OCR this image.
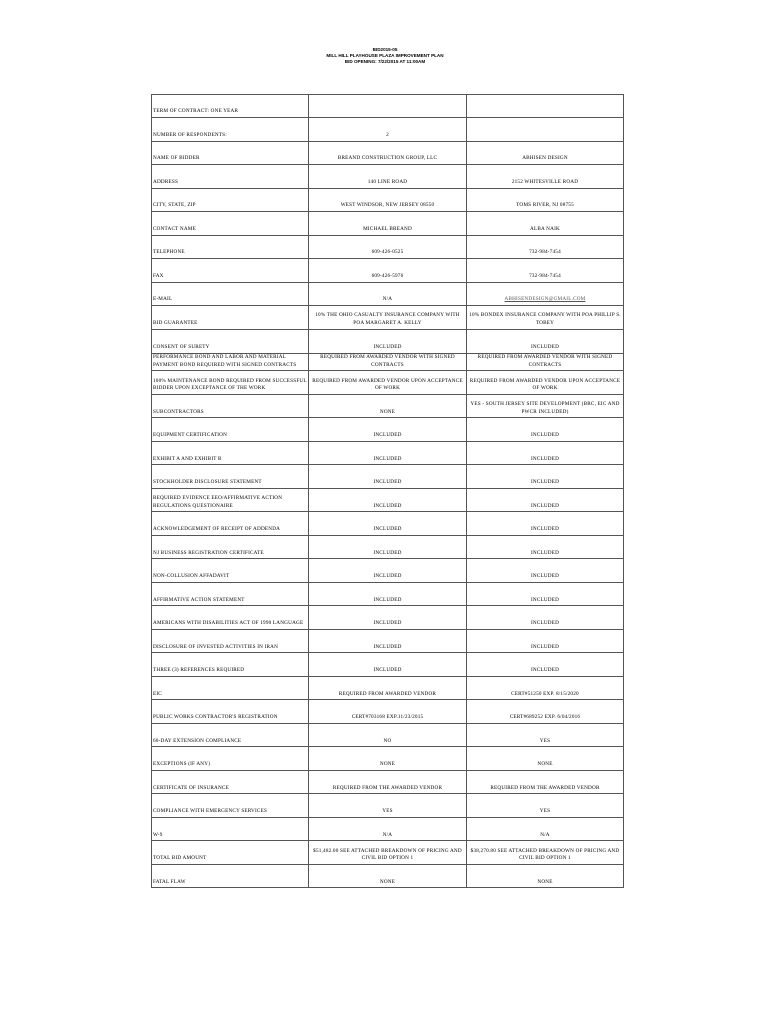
BID2015-05
MILL HILL PLAYHOUSE PLAZA IMPROVEMENT PLAN
BID OPENING: 7/22/2015 AT 11:00AM
TERM OF CONTRACT: ONE YEAR		
NUMBER OF RESPONDENTS:	2	
NAME OF BIDDER	BREAND CONSTRUCTION GROUP, LLC	ABHISEN DESIGN
ADDRESS	140 LINE ROAD	2152 WHITESVILLE ROAD
CITY, STATE, ZIP	WEST WINDSOR, NEW JERSEY 08550	TOMS RIVER, NJ 08755
CONTACT NAME	MICHAEL BREAND	ALBA NAIK
TELEPHONE	609-426-0525	732-984-7454
FAX	609-426-5976	732-984-7454
E-MAIL	N/A	ABHISENDESIGN@GMAIL.COM
BID GUARANTEE	10% THE OHIO CASUALTY INSURANCE COMPANY WITH POA MARGARET A. KELLY	10% BONDEX INSURANCE COMPANY WITH POA PHILLIP S. TOBEY
CONSENT OF SURETY	INCLUDED	INCLUDED
PERFORMANCE BOND AND LABOR AND MATERIAL PAYMENT BOND REQUIRED WITH SIGNED CONTRACTS	REQUIRED FROM AWARDED VENDOR WITH SIGNED CONTRACTS	REQUIRED FROM AWARDED VENDOR WITH SIGNED CONTRACTS
100% MAINTENANCE BOND REQUIRED FROM SUCCESSFUL BIDDER UPON EXCEPTANCE OF THE WORK	REQUIRED FROM AWARDED VENDOR UPON ACCEPTANCE OF WORK	REQUIRED FROM AWARDED VENDOR UPON ACCEPTANCE OF WORK
SUBCONTRACTORS	NONE	YES - SOUTH JERSEY SITE DEVELOPMENT (BRC, EIC AND PWCR INCLUDED)
EQUIPMENT CERTIFICATION	INCLUDED	INCLUDED
EXHIBIT A AND EXHIBIT B	INCLUDED	INCLUDED
STOCKHOLDER DISCLOSURE STATEMENT	INCLUDED	INCLUDED
REQUIRED EVIDENCE EEO/AFFIRMATIVE ACTION REGULATIONS QUESTIONAIRE	INCLUDED	INCLUDED
ACKNOWLEDGEMENT OF RECEIPT OF ADDENDA	INCLUDED	INCLUDED
NJ BUSINESS REGISTRATION CERTIFICATE	INCLUDED	INCLUDED
NON-COLLUSION AFFADAVIT	INCLUDED	INCLUDED
AFFIRMATIVE ACTION STATEMENT	INCLUDED	INCLUDED
AMERICANS WITH DISABILITIES ACT OF 1990 LANGUAGE	INCLUDED	INCLUDED
DISCLOSURE OF INVESTED ACTIVITIES IN IRAN	INCLUDED	INCLUDED
THREE (3) REFERENCES REQUIRED	INCLUDED	INCLUDED
EIC	REQUIRED FROM AWARDED VENDOR	CERT#51250 EXP. 8/15/2020
PUBLIC WORKS CONTRACTOR'S REGISTRATION	CERT#703168 EXP.11/23/2015	CERT#689252 EXP. 6/04/2016
60-DAY EXTENSION COMPLIANCE	NO	YES
EXCEPTIONS (IF ANY)	NONE	NONE
CERTIFICATE OF INSURANCE	REQUIRED FROM THE AWARDED VENDOR	REQUIRED FROM THE AWARDED VENDOR
COMPLIANCE WITH EMERGENCY SERVICES	YES	YES
W-9	N/A	N/A
TOTAL BID AMOUNT	$51,482.00 SEE ATTACHED BREAKDOWN OF PRICING AND CIVIL BID OPTION 1	$38,270.80 SEE ATTACHED BREAKDOWN OF PRICING AND CIVIL BID OPTION 1
FATAL FLAW	NONE	NONE
